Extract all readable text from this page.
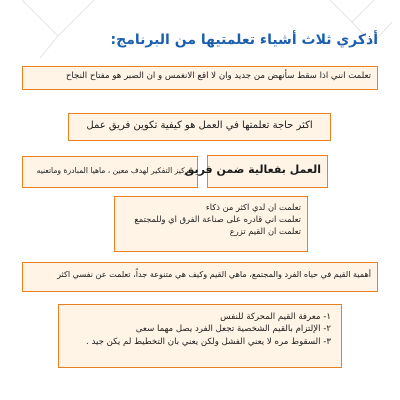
أذكري ثلاث أشياء تعلمتيها من البرنامج:
تعلمت انني اذا سقط سأنهض من جديد وان لا اقع الانغمس و ان الصبر هو مفتاح النجاح
اكثر حاجة تعلمتها في العمل هو كيفية تكوين فريق عمل
تركيز التفكير لهدف معين ، ماهيا المبادرة وماتعنيه
العمل بفعالية ضمن فريق
تعلمت ان لدي اكثر من ذكاء
تعلمت اني قادره على صناعة الفرق اي وللمجتمع
تعلمت ان القيم تزرع
أهمية القيم في حياه الفرد والمجتمع، ماهي القيم وكيف هي متنوعة جداً، تعلمت عن نفسي اكثر
١- معرفة القيم المحركة للنفس
٢- الإلتزام بالقيم الشخصية تجعل الفرد يصل مهما سعى
٣- السقوط مره لا يعني الفشل ولكن يعني بان التخطيط لم يكن جيد .
